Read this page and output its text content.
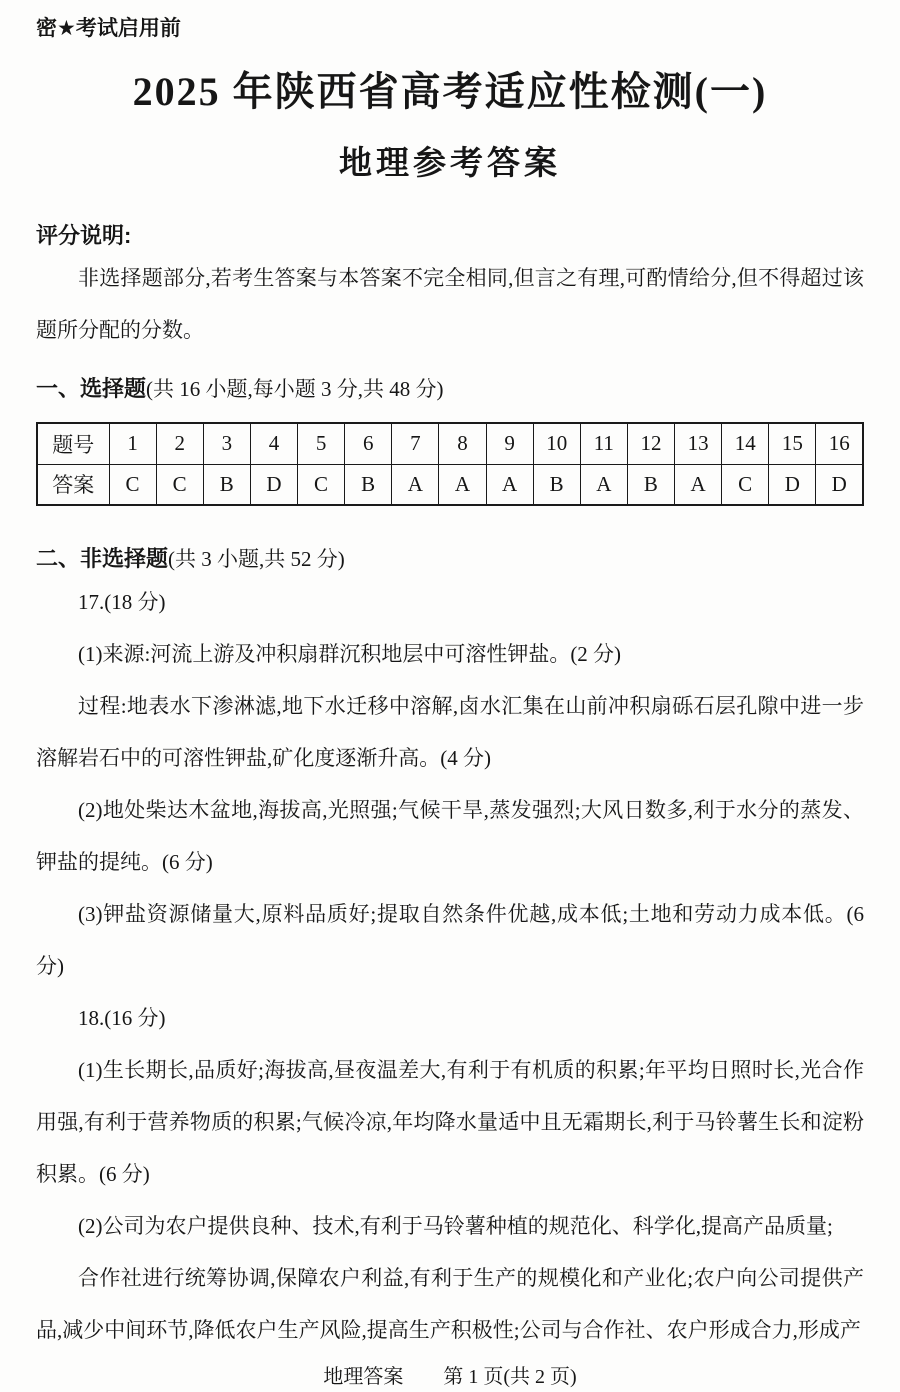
密★考试启用前
2025 年陕西省高考适应性检测(一)
地理参考答案
评分说明:

非选择题部分,若考生答案与本答案不完全相同,但言之有理,可酌情给分,但不得超过该题所分配的分数。

一、选择题(共 16 小题,每小题 3 分,共 48 分)
题号	1	2	3	4	5	6	7	8	9	10	11	12	13	14	15	16
答案	C	C	B	D	C	B	A	A	A	B	A	B	A	C	D	D
二、非选择题(共 3 小题,共 52 分)

17.(18 分)

(1)来源:河流上游及冲积扇群沉积地层中可溶性钾盐。(2 分)

过程:地表水下渗淋滤,地下水迁移中溶解,卤水汇集在山前冲积扇砾石层孔隙中进一步溶解岩石中的可溶性钾盐,矿化度逐渐升高。(4 分)

(2)地处柴达木盆地,海拔高,光照强;气候干旱,蒸发强烈;大风日数多,利于水分的蒸发、钾盐的提纯。(6 分)

(3)钾盐资源储量大,原料品质好;提取自然条件优越,成本低;土地和劳动力成本低。(6 分)

18.(16 分)

(1)生长期长,品质好;海拔高,昼夜温差大,有利于有机质的积累;年平均日照时长,光合作用强,有利于营养物质的积累;气候冷凉,年均降水量适中且无霜期长,利于马铃薯生长和淀粉积累。(6 分)

(2)公司为农户提供良种、技术,有利于马铃薯种植的规范化、科学化,提高产品质量;

合作社进行统筹协调,保障农户利益,有利于生产的规模化和产业化;农户向公司提供产品,减少中间环节,降低农户生产风险,提高生产积极性;公司与合作社、农户形成合力,形成产

地理答案　　第 1 页(共 2 页)
